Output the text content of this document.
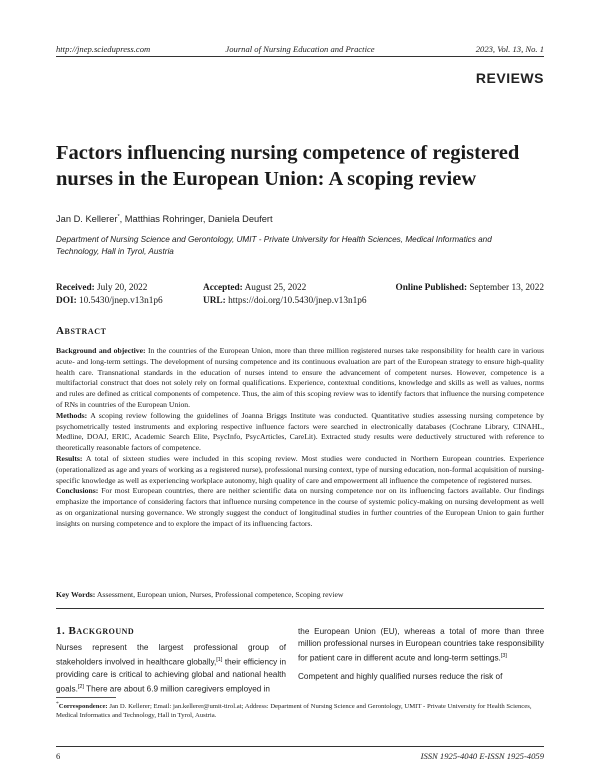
http://jnep.sciedupress.com	Journal of Nursing Education and Practice	2023, Vol. 13, No. 1
REVIEWS
Factors influencing nursing competence of registered
nurses in the European Union: A scoping review
Jan D. Kellerer*, Matthias Rohringer, Daniela Deufert
Department of Nursing Science and Gerontology, UMIT - Private University for Health Sciences, Medical Informatics and Technology, Hall in Tyrol, Austria
Received: July 20, 2022	Accepted: August 25, 2022	Online Published: September 13, 2022
DOI: 10.5430/jnep.v13n1p6	URL: https://doi.org/10.5430/jnep.v13n1p6
Abstract

Background and objective: In the countries of the European Union, more than three million registered nurses take responsibility for health care in various acute- and long-term settings. The development of nursing competence and its continuous evaluation are part of the European strategy to ensure high-quality health care. Transnational standards in the education of nurses intend to ensure the advancement of competent nurses. However, competence is a multifactorial construct that does not solely rely on formal qualifications. Experience, contextual conditions, knowledge and skills as well as values, norms and rules are defined as critical components of competence. Thus, the aim of this scoping review was to identify factors that influence the nursing competence of RNs in countries of the European Union.

Methods: A scoping review following the guidelines of Joanna Briggs Institute was conducted. Quantitative studies assessing nursing competence by psychometrically tested instruments and exploring respective influence factors were searched in electronically databases (Cochrane Library, CINAHL, Medline, DOAJ, ERIC, Academic Search Elite, PsycInfo, PsycArticles, CareLit). Extracted study results were deductively structured with reference to theoretically reasonable factors of competence.

Results: A total of sixteen studies were included in this scoping review. Most studies were conducted in Northern European countries. Experience (operationalized as age and years of working as a registered nurse), professional nursing context, type of nursing education, non-formal acquisition of nursing-specific knowledge as well as experiencing workplace autonomy, high quality of care and empowerment all influence the competence of registered nurses.

Conclusions: For most European countries, there are neither scientific data on nursing competence nor on its influencing factors available. Our findings emphasize the importance of considering factors that influence nursing competence in the course of systemic policy-making on nursing development as well as on organizational nursing governance. We strongly suggest the conduct of longitudinal studies in further countries of the European Union to gain further insights on nursing competence and to explore the impact of its influencing factors.

Key Words: Assessment, European union, Nurses, Professional competence, Scoping review
1. Background

Nurses represent the largest professional group of stakeholders involved in healthcare globally,[1] their efficiency in providing care is critical to achieving global and national health goals.[2] There are about 6.9 million caregivers employed in

the European Union (EU), whereas a total of more than three million professional nurses in European countries take responsibility for patient care in different acute and long-term settings.[3]

Competent and highly qualified nurses reduce the risk of

*Correspondence: Jan D. Kellerer; Email: jan.kellerer@umit-tirol.at; Address: Department of Nursing Science and Gerontology, UMIT - Private University for Health Sciences, Medical Informatics and Technology, Hall in Tyrol, Austria.
6	ISSN 1925-4040 E-ISSN 1925-4059
